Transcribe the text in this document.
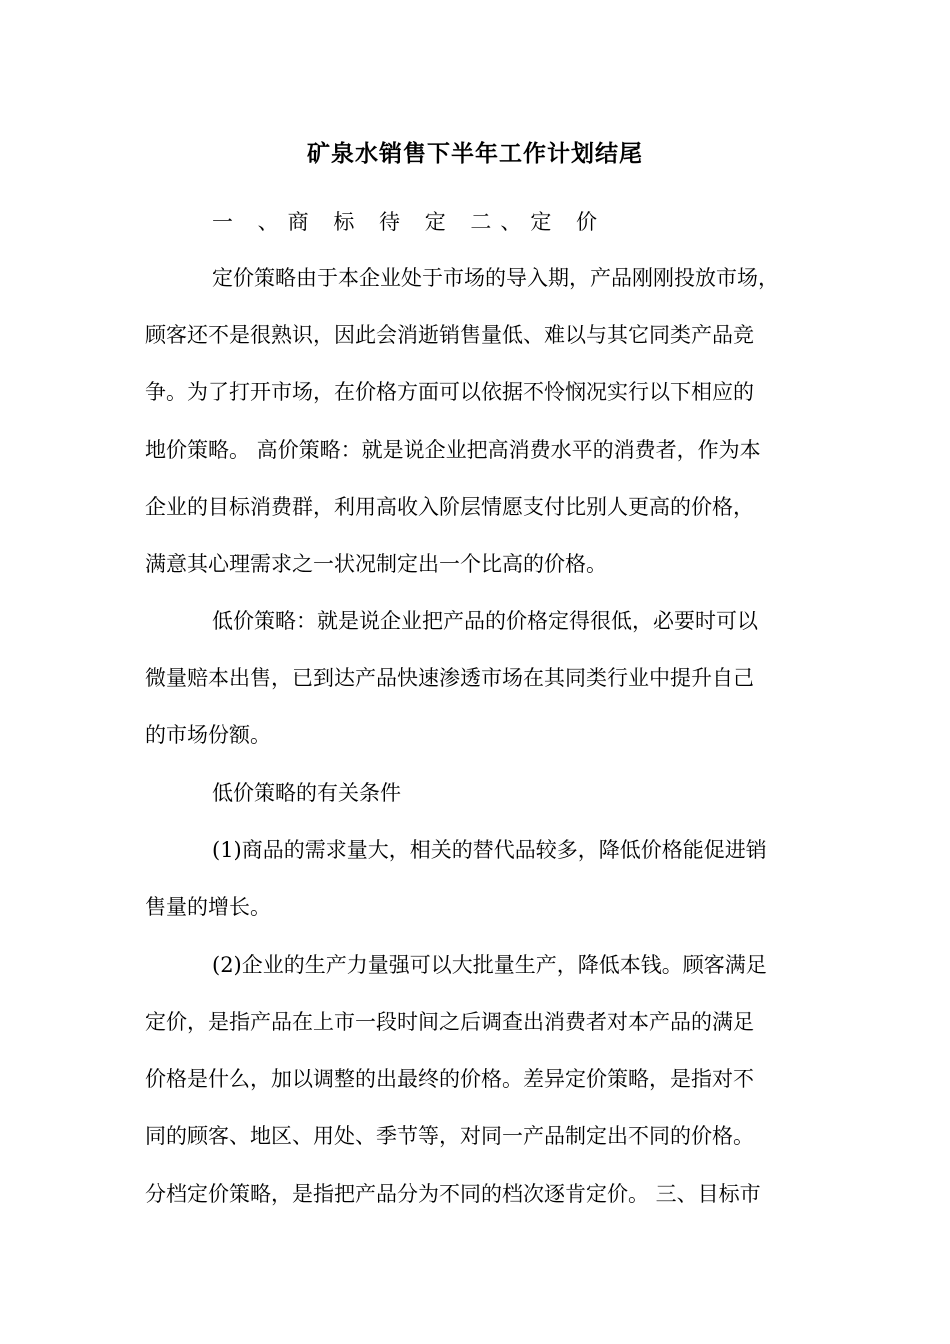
矿泉水销售下半年工作计划结尾
一 、商 标 待 定 二、定 价
定价策略由于本企业处于市场的导入期，产品刚刚投放市场，
顾客还不是很熟识，因此会消逝销售量低、难以与其它同类产品竞
争。为了打开市场，在价格方面可以依据不怜悯况实行以下相应的
地价策略。 高价策略：就是说企业把高消费水平的消费者，作为本
企业的目标消费群，利用高收入阶层情愿支付比别人更高的价格，
满意其心理需求之一状况制定出一个比高的价格。
低价策略：就是说企业把产品的价格定得很低，必要时可以
微量赔本出售，已到达产品快速渗透市场在其同类行业中提升自己
的市场份额。
低价策略的有关条件
(1)商品的需求量大，相关的替代品较多，降低价格能促进销
售量的增长。
(2)企业的生产力量强可以大批量生产，降低本钱。顾客满足
定价，是指产品在上市一段时间之后调查出消费者对本产品的满足
价格是什么，加以调整的出最终的价格。差异定价策略，是指对不
同的顾客、地区、用处、季节等，对同一产品制定出不同的价格。
分档定价策略，是指把产品分为不同的档次逐肯定价。 三、目标市
